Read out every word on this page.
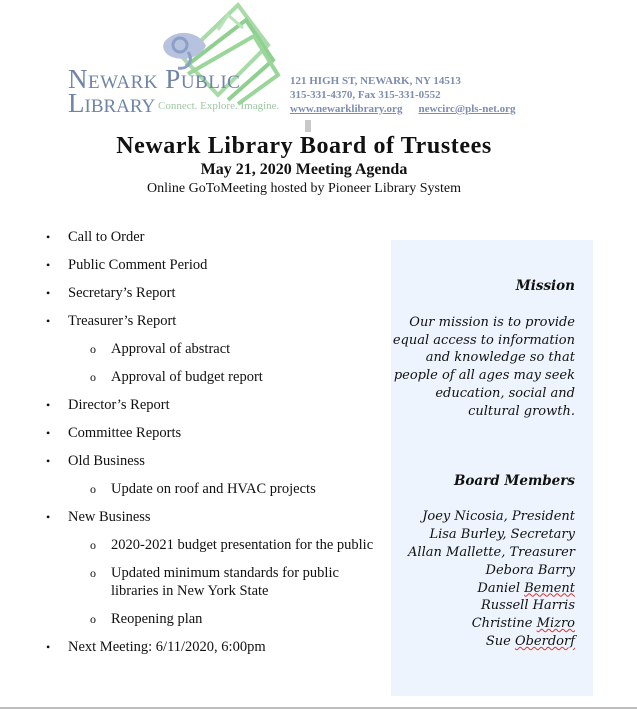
Newark Public
Library Connect. Explore. Imagine.
121 HIGH ST, NEWARK, NY 14513
315-331-4370, Fax 315-331-0552
www.newarklibrary.org newcirc@pls-net.org
Newark Library Board of Trustees
May 21, 2020 Meeting Agenda
Online GoToMeeting hosted by Pioneer Library System
• Call to Order
• Public Comment Period
• Secretary’s Report
• Treasurer’s Report
o Approval of abstract
o Approval of budget report
• Director’s Report
• Committee Reports
• Old Business
o Update on roof and HVAC projects
• New Business
o 2020-2021 budget presentation for the public
o Updated minimum standards for public libraries in New York State
o Reopening plan
• Next Meeting: 6/11/2020, 6:00pm
Mission
Our mission is to provide equal access to information and knowledge so that people of all ages may seek education, social and cultural growth.
Board Members
Joey Nicosia, President
Lisa Burley, Secretary
Allan Mallette, Treasurer
Debora Barry
Daniel Bement
Russell Harris
Christine Mizro
Sue Oberdorf
